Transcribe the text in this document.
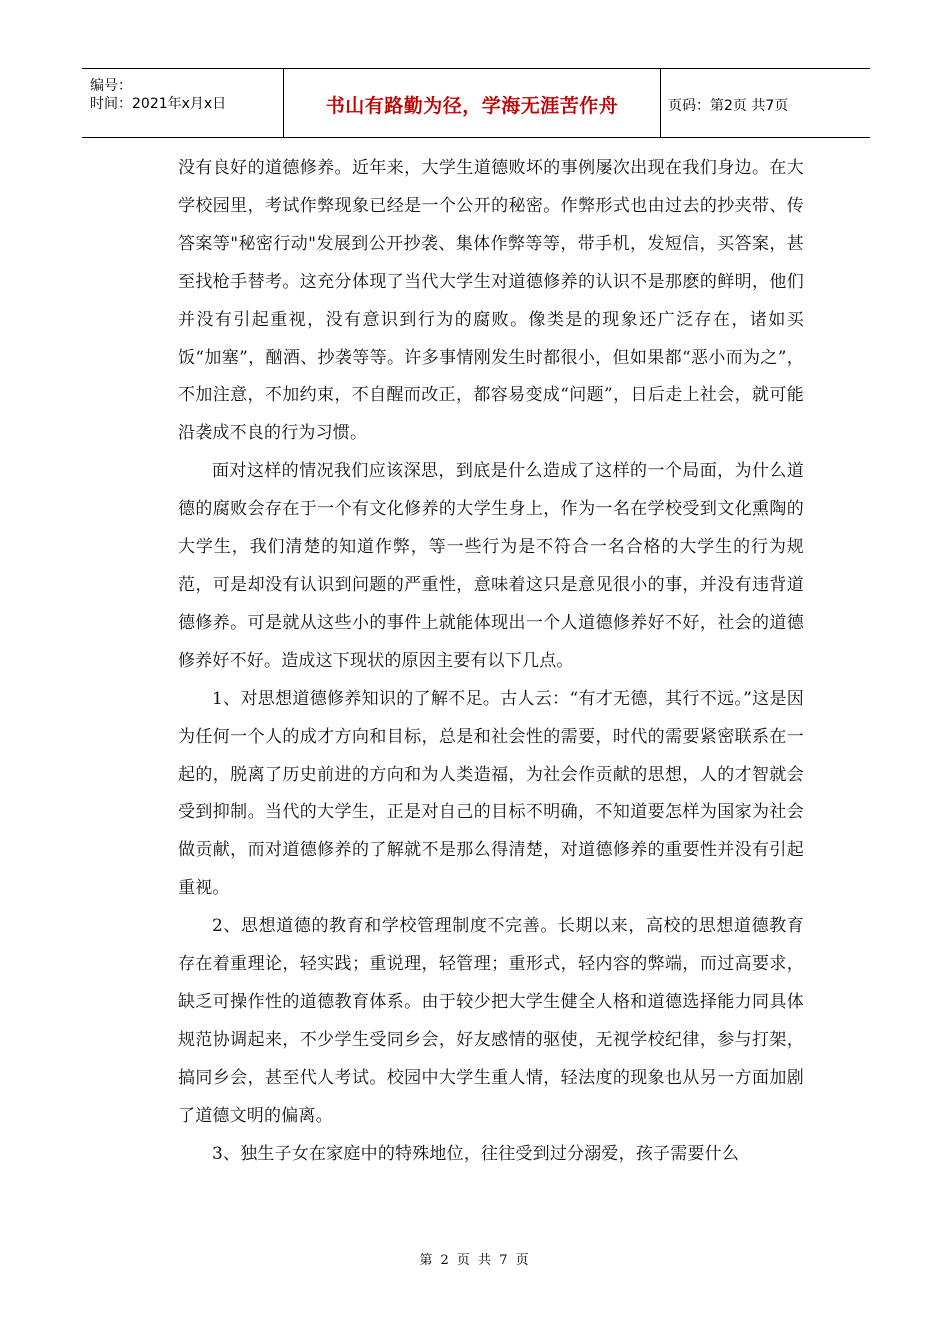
编号：
时间：2021年x月x日	书山有路勤为径，学海无涯苦作舟	页码：第2页 共7页

没有良好的道德修养。近年来，大学生道德败坏的事例屡次出现在我们身边。在大学校园里，考试作弊现象已经是一个公开的秘密。作弊形式也由过去的抄夹带、传答案等"秘密行动"发展到公开抄袭、集体作弊等等，带手机，发短信，买答案，甚至找枪手替考。这充分体现了当代大学生对道德修养的认识不是那麽的鲜明，他们并没有引起重视，没有意识到行为的腐败。像类是的现象还广泛存在，诸如买饭“加塞”，酗酒、抄袭等等。许多事情刚发生时都很小，但如果都“恶小而为之”，不加注意，不加约束，不自醒而改正，都容易变成“问题”，日后走上社会，就可能沿袭成不良的行为习惯。

面对这样的情况我们应该深思，到底是什么造成了这样的一个局面，为什么道德的腐败会存在于一个有文化修养的大学生身上，作为一名在学校受到文化熏陶的大学生，我们清楚的知道作弊，等一些行为是不符合一名合格的大学生的行为规范，可是却没有认识到问题的严重性，意味着这只是意见很小的事，并没有违背道德修养。可是就从这些小的事件上就能体现出一个人道德修养好不好，社会的道德修养好不好。造成这下现状的原因主要有以下几点。

1、对思想道德修养知识的了解不足。古人云：“有才无德，其行不远。”这是因为任何一个人的成才方向和目标，总是和社会性的需要，时代的需要紧密联系在一起的，脱离了历史前进的方向和为人类造福，为社会作贡献的思想，人的才智就会受到抑制。当代的大学生，正是对自己的目标不明确，不知道要怎样为国家为社会做贡献，而对道德修养的了解就不是那么得清楚，对道德修养的重要性并没有引起重视。

2、思想道德的教育和学校管理制度不完善。长期以来，高校的思想道德教育存在着重理论，轻实践；重说理，轻管理；重形式，轻内容的弊端，而过高要求，缺乏可操作性的道德教育体系。由于较少把大学生健全人格和道德选择能力同具体规范协调起来，不少学生受同乡会，好友感情的驱使，无视学校纪律，参与打架，搞同乡会，甚至代人考试。校园中大学生重人情，轻法度的现象也从另一方面加剧了道德文明的偏离。

3、独生子女在家庭中的特殊地位，往往受到过分溺爱，孩子需要什么

第 2 页 共 7 页
